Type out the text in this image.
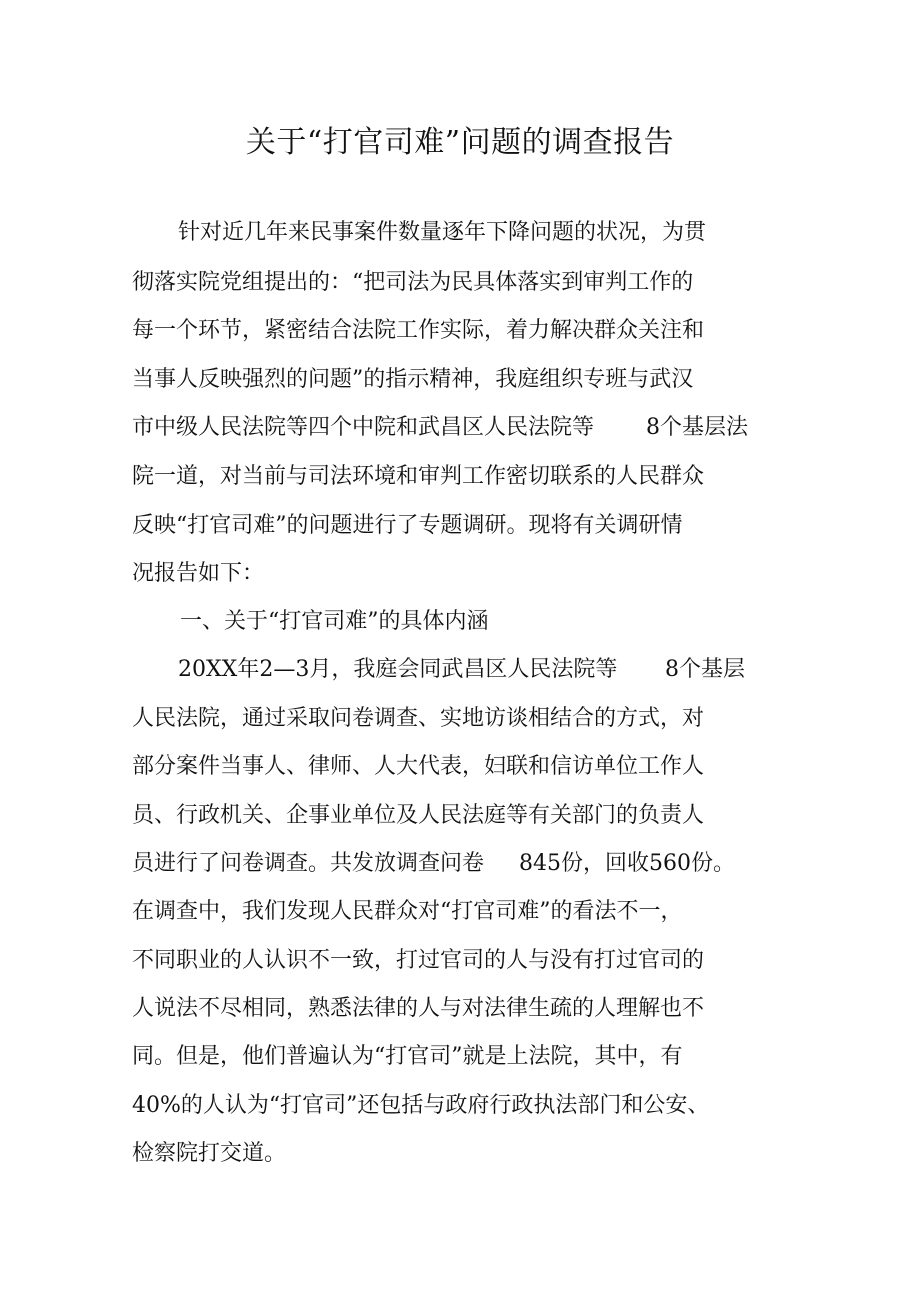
关于“打官司难”问题的调查报告
针对近几年来民事案件数量逐年下降问题的状况，为贯
彻落实院党组提出的：“把司法为民具体落实到审判工作的
每一个环节，紧密结合法院工作实际，着力解决群众关注和
当事人反映强烈的问题”的指示精神，我庭组织专班与武汉
市中级人民法院等四个中院和武昌区人民法院等 8个基层法
院一道，对当前与司法环境和审判工作密切联系的人民群众
反映“打官司难”的问题进行了专题调研。现将有关调研情
况报告如下：
一、关于“打官司难”的具体内涵
20XX年2—3月，我庭会同武昌区人民法院等 8个基层
人民法院，通过采取问卷调查、实地访谈相结合的方式，对
部分案件当事人、律师、人大代表，妇联和信访单位工作人
员、行政机关、企事业单位及人民法庭等有关部门的负责人
员进行了问卷调查。共发放调查问卷 845份，回收560份。
在调查中，我们发现人民群众对“打官司难”的看法不一，
不同职业的人认识不一致，打过官司的人与没有打过官司的
人说法不尽相同，熟悉法律的人与对法律生疏的人理解也不
同。但是，他们普遍认为“打官司”就是上法院，其中，有
40%的人认为“打官司”还包括与政府行政执法部门和公安、
检察院打交道。
